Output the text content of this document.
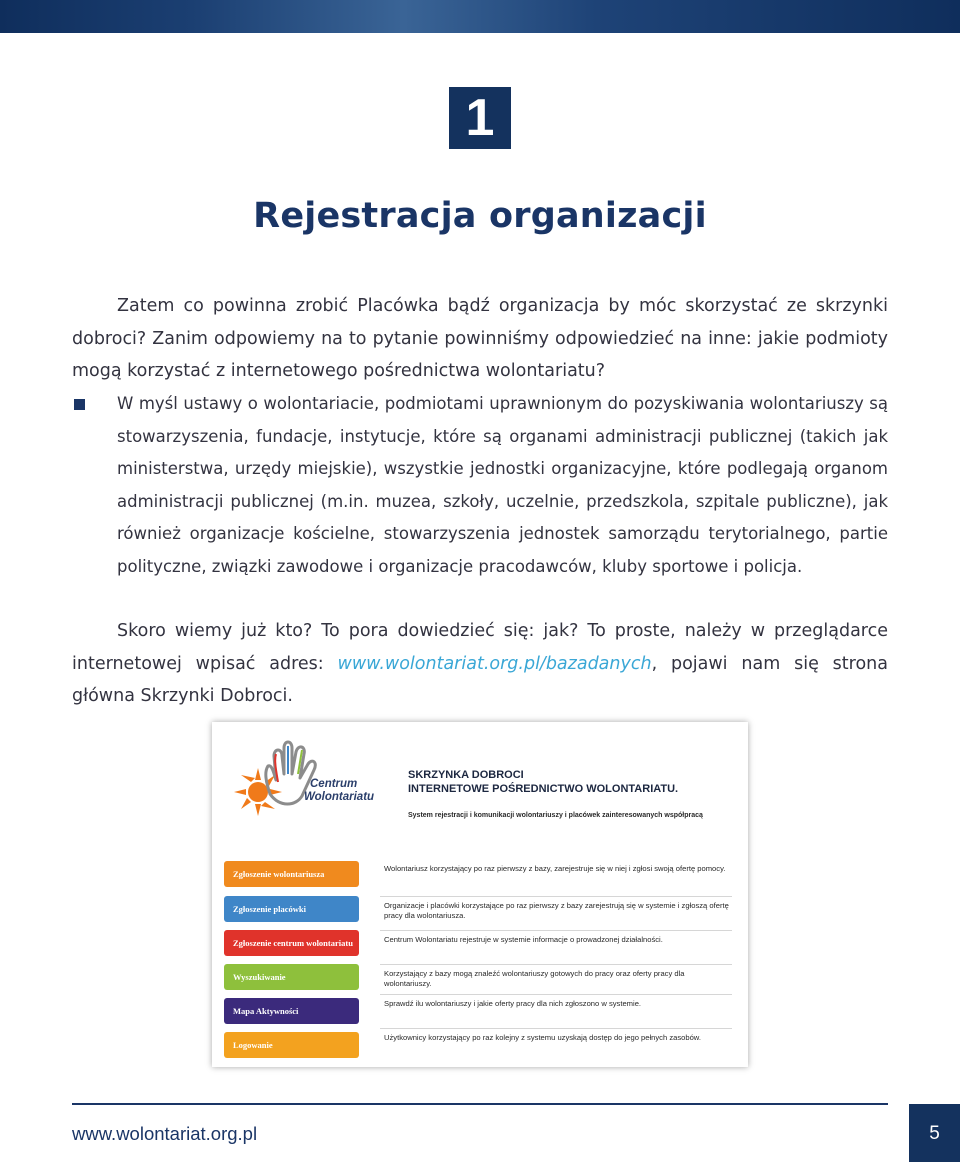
1
Rejestracja organizacji
Zatem co powinna zrobić Placówka bądź organizacja by móc skorzystać ze skrzynki dobroci? Zanim odpowiemy na to pytanie powinniśmy odpowiedzieć na inne: jakie podmioty mogą korzystać z internetowego pośrednictwa wolontariatu?
W myśl ustawy o wolontariacie, podmiotami uprawnionym do pozyskiwania wolontariuszy są stowarzyszenia, fundacje, instytucje, które są organami administracji publicznej (takich jak ministerstwa, urzędy miejskie), wszystkie jednostki organizacyjne, które podlegają organom administracji publicznej (m.in. muzea, szkoły, uczelnie, przedszkola, szpitale publiczne), jak również organizacje kościelne, stowarzyszenia jednostek samorządu terytorialnego, partie polityczne, związki zawodowe i organizacje pracodawców, kluby sportowe i policja.
Skoro wiemy już kto? To pora dowiedzieć się: jak? To proste, należy w przeglądarce internetowej wpisać adres: www.wolontariat.org.pl/bazadanych, pojawi nam się strona główna Skrzynki Dobroci.
Centrum
Wolontariatu
SKRZYNKA DOBROCI
INTERNETOWE POŚREDNICTWO WOLONTARIATU.
System rejestracji i komunikacji wolontariuszy i placówek zainteresowanych współpracą
Zgłoszenie wolontariusza
Zgłoszenie placówki
Zgłoszenie centrum wolontariatu
Wyszukiwanie
Mapa Aktywności
Logowanie
Wolontariusz korzystający po raz pierwszy z bazy, zarejestruje się w niej i zgłosi swoją ofertę pomocy.
Organizacje i placówki korzystające po raz pierwszy z bazy zarejestrują się w systemie i zgłoszą ofertę pracy dla wolontariusza.
Centrum Wolontariatu rejestruje w systemie informacje o prowadzonej działalności.
Korzystający z bazy mogą znaleźć wolontariuszy gotowych do pracy oraz oferty pracy dla wolontariuszy.
Sprawdź ilu wolontariuszy i jakie oferty pracy dla nich zgłoszono w systemie.
Użytkownicy korzystający po raz kolejny z systemu uzyskają dostęp do jego pełnych zasobów.
www.wolontariat.org.pl	5
